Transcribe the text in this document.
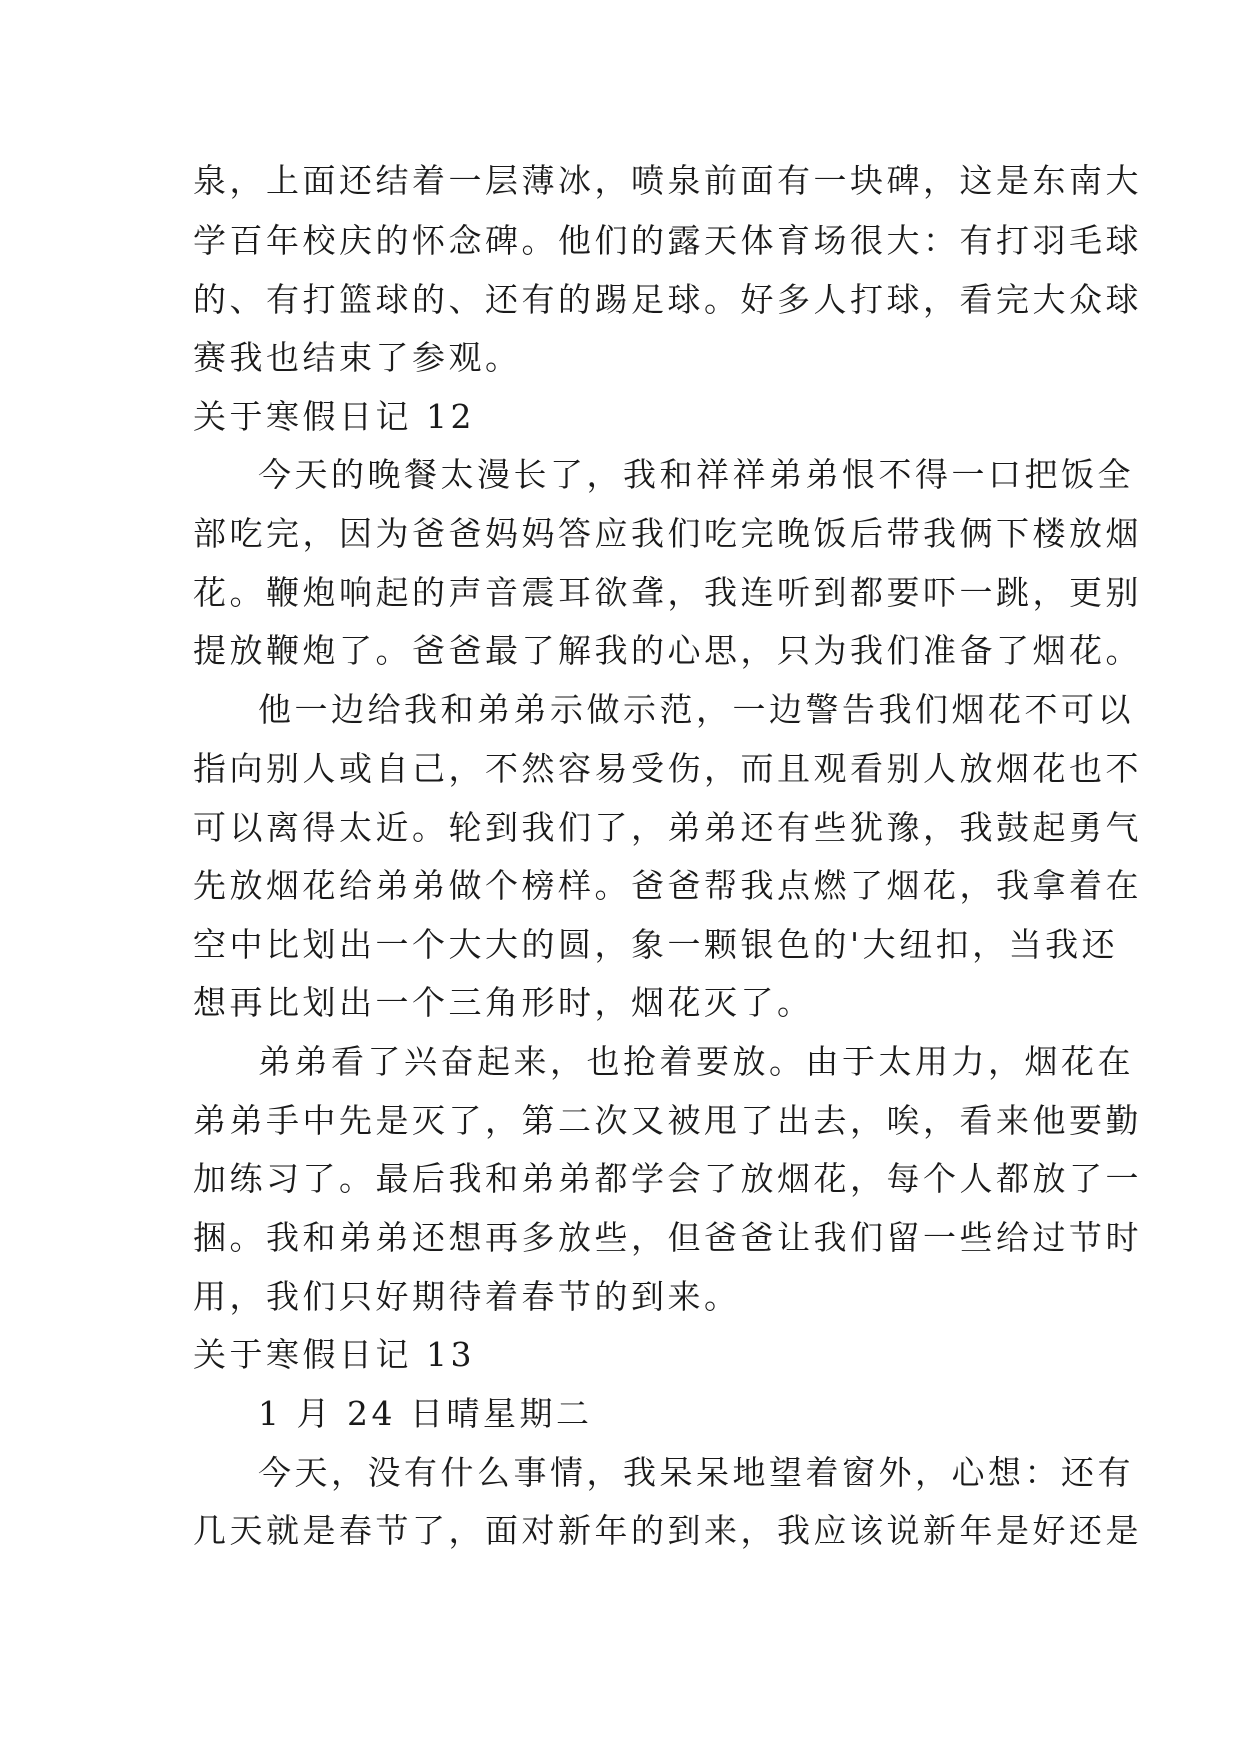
泉，上面还结着一层薄冰，喷泉前面有一块碑，这是东南大
学百年校庆的怀念碑。他们的露天体育场很大：有打羽毛球
的、有打篮球的、还有的踢足球。好多人打球，看完大众球
赛我也结束了参观。
关于寒假日记 12
今天的晚餐太漫长了，我和祥祥弟弟恨不得一口把饭全
部吃完，因为爸爸妈妈答应我们吃完晚饭后带我俩下楼放烟
花。鞭炮响起的声音震耳欲聋，我连听到都要吓一跳，更别
提放鞭炮了。爸爸最了解我的心思，只为我们准备了烟花。
他一边给我和弟弟示做示范，一边警告我们烟花不可以
指向别人或自己，不然容易受伤，而且观看别人放烟花也不
可以离得太近。轮到我们了，弟弟还有些犹豫，我鼓起勇气
先放烟花给弟弟做个榜样。爸爸帮我点燃了烟花，我拿着在
空中比划出一个大大的圆，象一颗银色的'大纽扣，当我还
想再比划出一个三角形时，烟花灭了。
弟弟看了兴奋起来，也抢着要放。由于太用力，烟花在
弟弟手中先是灭了，第二次又被甩了出去，唉，看来他要勤
加练习了。最后我和弟弟都学会了放烟花，每个人都放了一
捆。我和弟弟还想再多放些，但爸爸让我们留一些给过节时
用，我们只好期待着春节的到来。
关于寒假日记 13
1 月 24 日晴星期二
今天，没有什么事情，我呆呆地望着窗外，心想：还有
几天就是春节了，面对新年的到来，我应该说新年是好还是
